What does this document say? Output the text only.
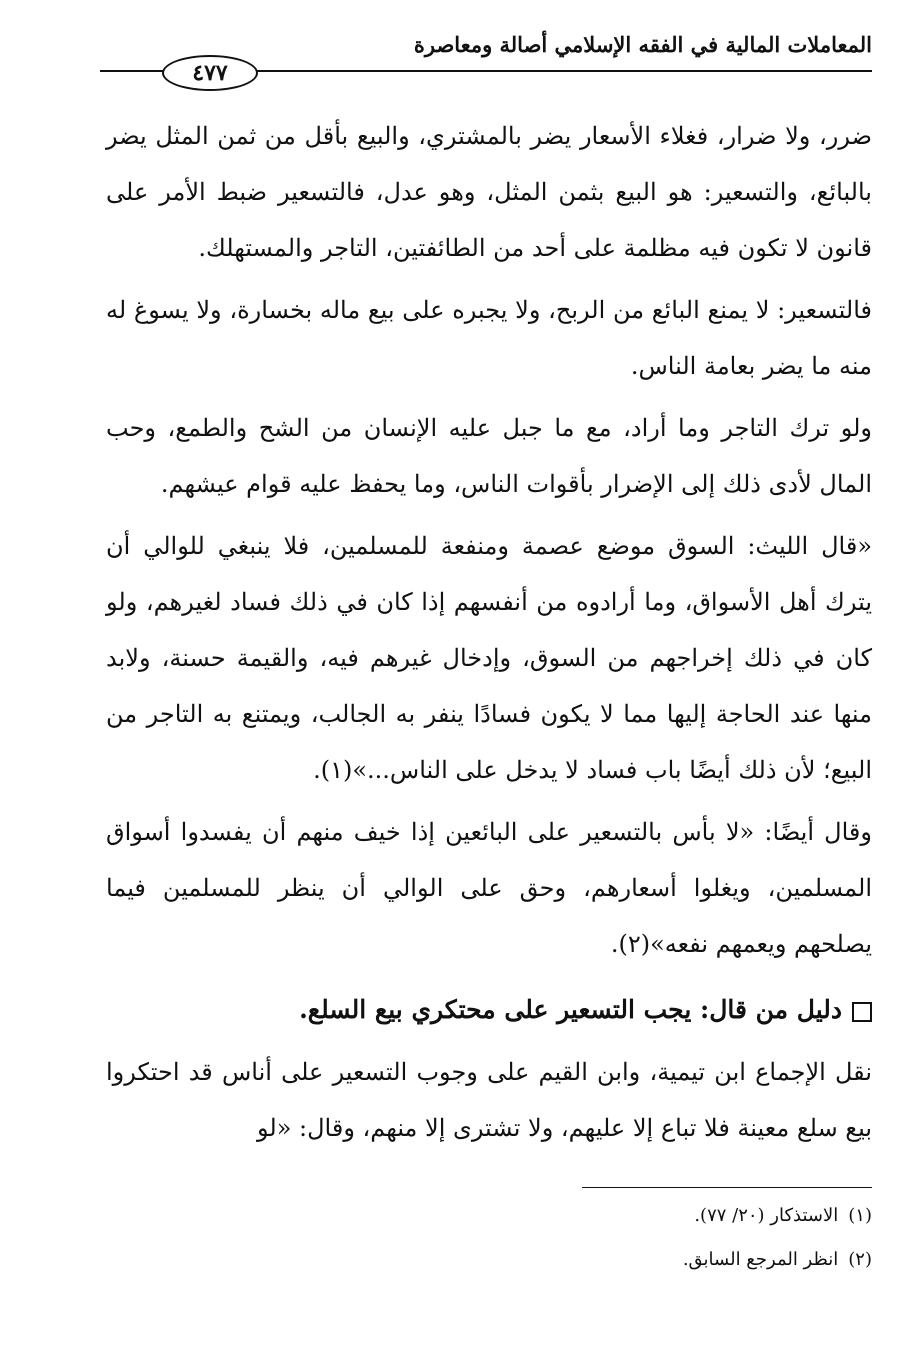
المعاملات المالية في الفقه الإسلامي أصالة ومعاصرة
٤٧٧

ضرر، ولا ضرار، فغلاء الأسعار يضر بالمشتري، والبيع بأقل من ثمن المثل يضر بالبائع، والتسعير: هو البيع بثمن المثل، وهو عدل، فالتسعير ضبط الأمر على قانون لا تكون فيه مظلمة على أحد من الطائفتين، التاجر والمستهلك.

فالتسعير: لا يمنع البائع من الربح، ولا يجبره على بيع ماله بخسارة، ولا يسوغ له منه ما يضر بعامة الناس.

ولو ترك التاجر وما أراد، مع ما جبل عليه الإنسان من الشح والطمع، وحب المال لأدى ذلك إلى الإضرار بأقوات الناس، وما يحفظ عليه قوام عيشهم.

«قال الليث: السوق موضع عصمة ومنفعة للمسلمين، فلا ينبغي للوالي أن يترك أهل الأسواق، وما أرادوه من أنفسهم إذا كان في ذلك فساد لغيرهم، ولو كان في ذلك إخراجهم من السوق، وإدخال غيرهم فيه، والقيمة حسنة، ولابد منها عند الحاجة إليها مما لا يكون فسادًا ينفر به الجالب، ويمتنع به التاجر من البيع؛ لأن ذلك أيضًا باب فساد لا يدخل على الناس...»(١).

وقال أيضًا: «لا بأس بالتسعير على البائعين إذا خيف منهم أن يفسدوا أسواق المسلمين، ويغلوا أسعارهم، وحق على الوالي أن ينظر للمسلمين فيما يصلحهم ويعمهم نفعه»(٢).

دليل من قال: يجب التسعير على محتكري بيع السلع.

نقل الإجماع ابن تيمية، وابن القيم على وجوب التسعير على أناس قد احتكروا بيع سلع معينة فلا تباع إلا عليهم، ولا تشترى إلا منهم، وقال: «لو

(١)الاستذكار (٢٠/ ٧٧).

(٢)انظر المرجع السابق.
